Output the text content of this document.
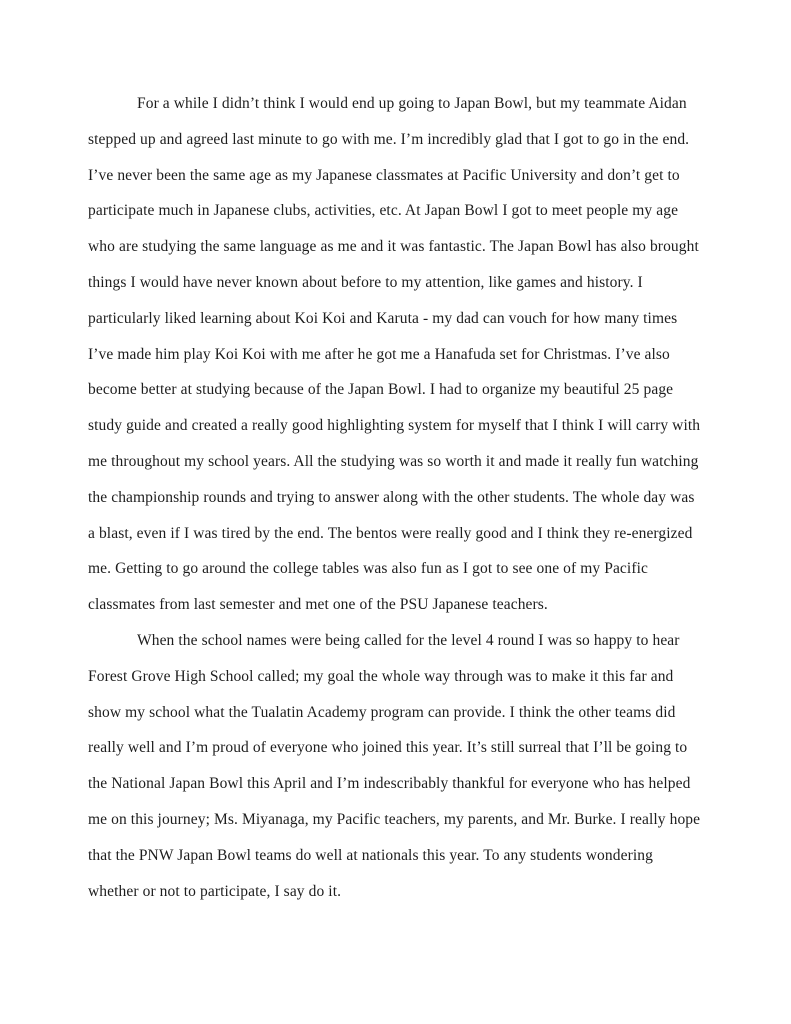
For a while I didn’t think I would end up going to Japan Bowl, but my teammate Aidan
stepped up and agreed last minute to go with me. I’m incredibly glad that I got to go in the end.
I’ve never been the same age as my Japanese classmates at Pacific University and don’t get to
participate much in Japanese clubs, activities, etc. At Japan Bowl I got to meet people my age
who are studying the same language as me and it was fantastic. The Japan Bowl has also brought
things I would have never known about before to my attention, like games and history. I
particularly liked learning about Koi Koi and Karuta - my dad can vouch for how many times
I’ve made him play Koi Koi with me after he got me a Hanafuda set for Christmas. I’ve also
become better at studying because of the Japan Bowl. I had to organize my beautiful 25 page
study guide and created a really good highlighting system for myself that I think I will carry with
me throughout my school years. All the studying was so worth it and made it really fun watching
the championship rounds and trying to answer along with the other students. The whole day was
a blast, even if I was tired by the end. The bentos were really good and I think they re-energized
me. Getting to go around the college tables was also fun as I got to see one of my Pacific
classmates from last semester and met one of the PSU Japanese teachers.
When the school names were being called for the level 4 round I was so happy to hear
Forest Grove High School called; my goal the whole way through was to make it this far and
show my school what the Tualatin Academy program can provide. I think the other teams did
really well and I’m proud of everyone who joined this year. It’s still surreal that I’ll be going to
the National Japan Bowl this April and I’m indescribably thankful for everyone who has helped
me on this journey; Ms. Miyanaga, my Pacific teachers, my parents, and Mr. Burke. I really hope
that the PNW Japan Bowl teams do well at nationals this year. To any students wondering
whether or not to participate, I say do it.
